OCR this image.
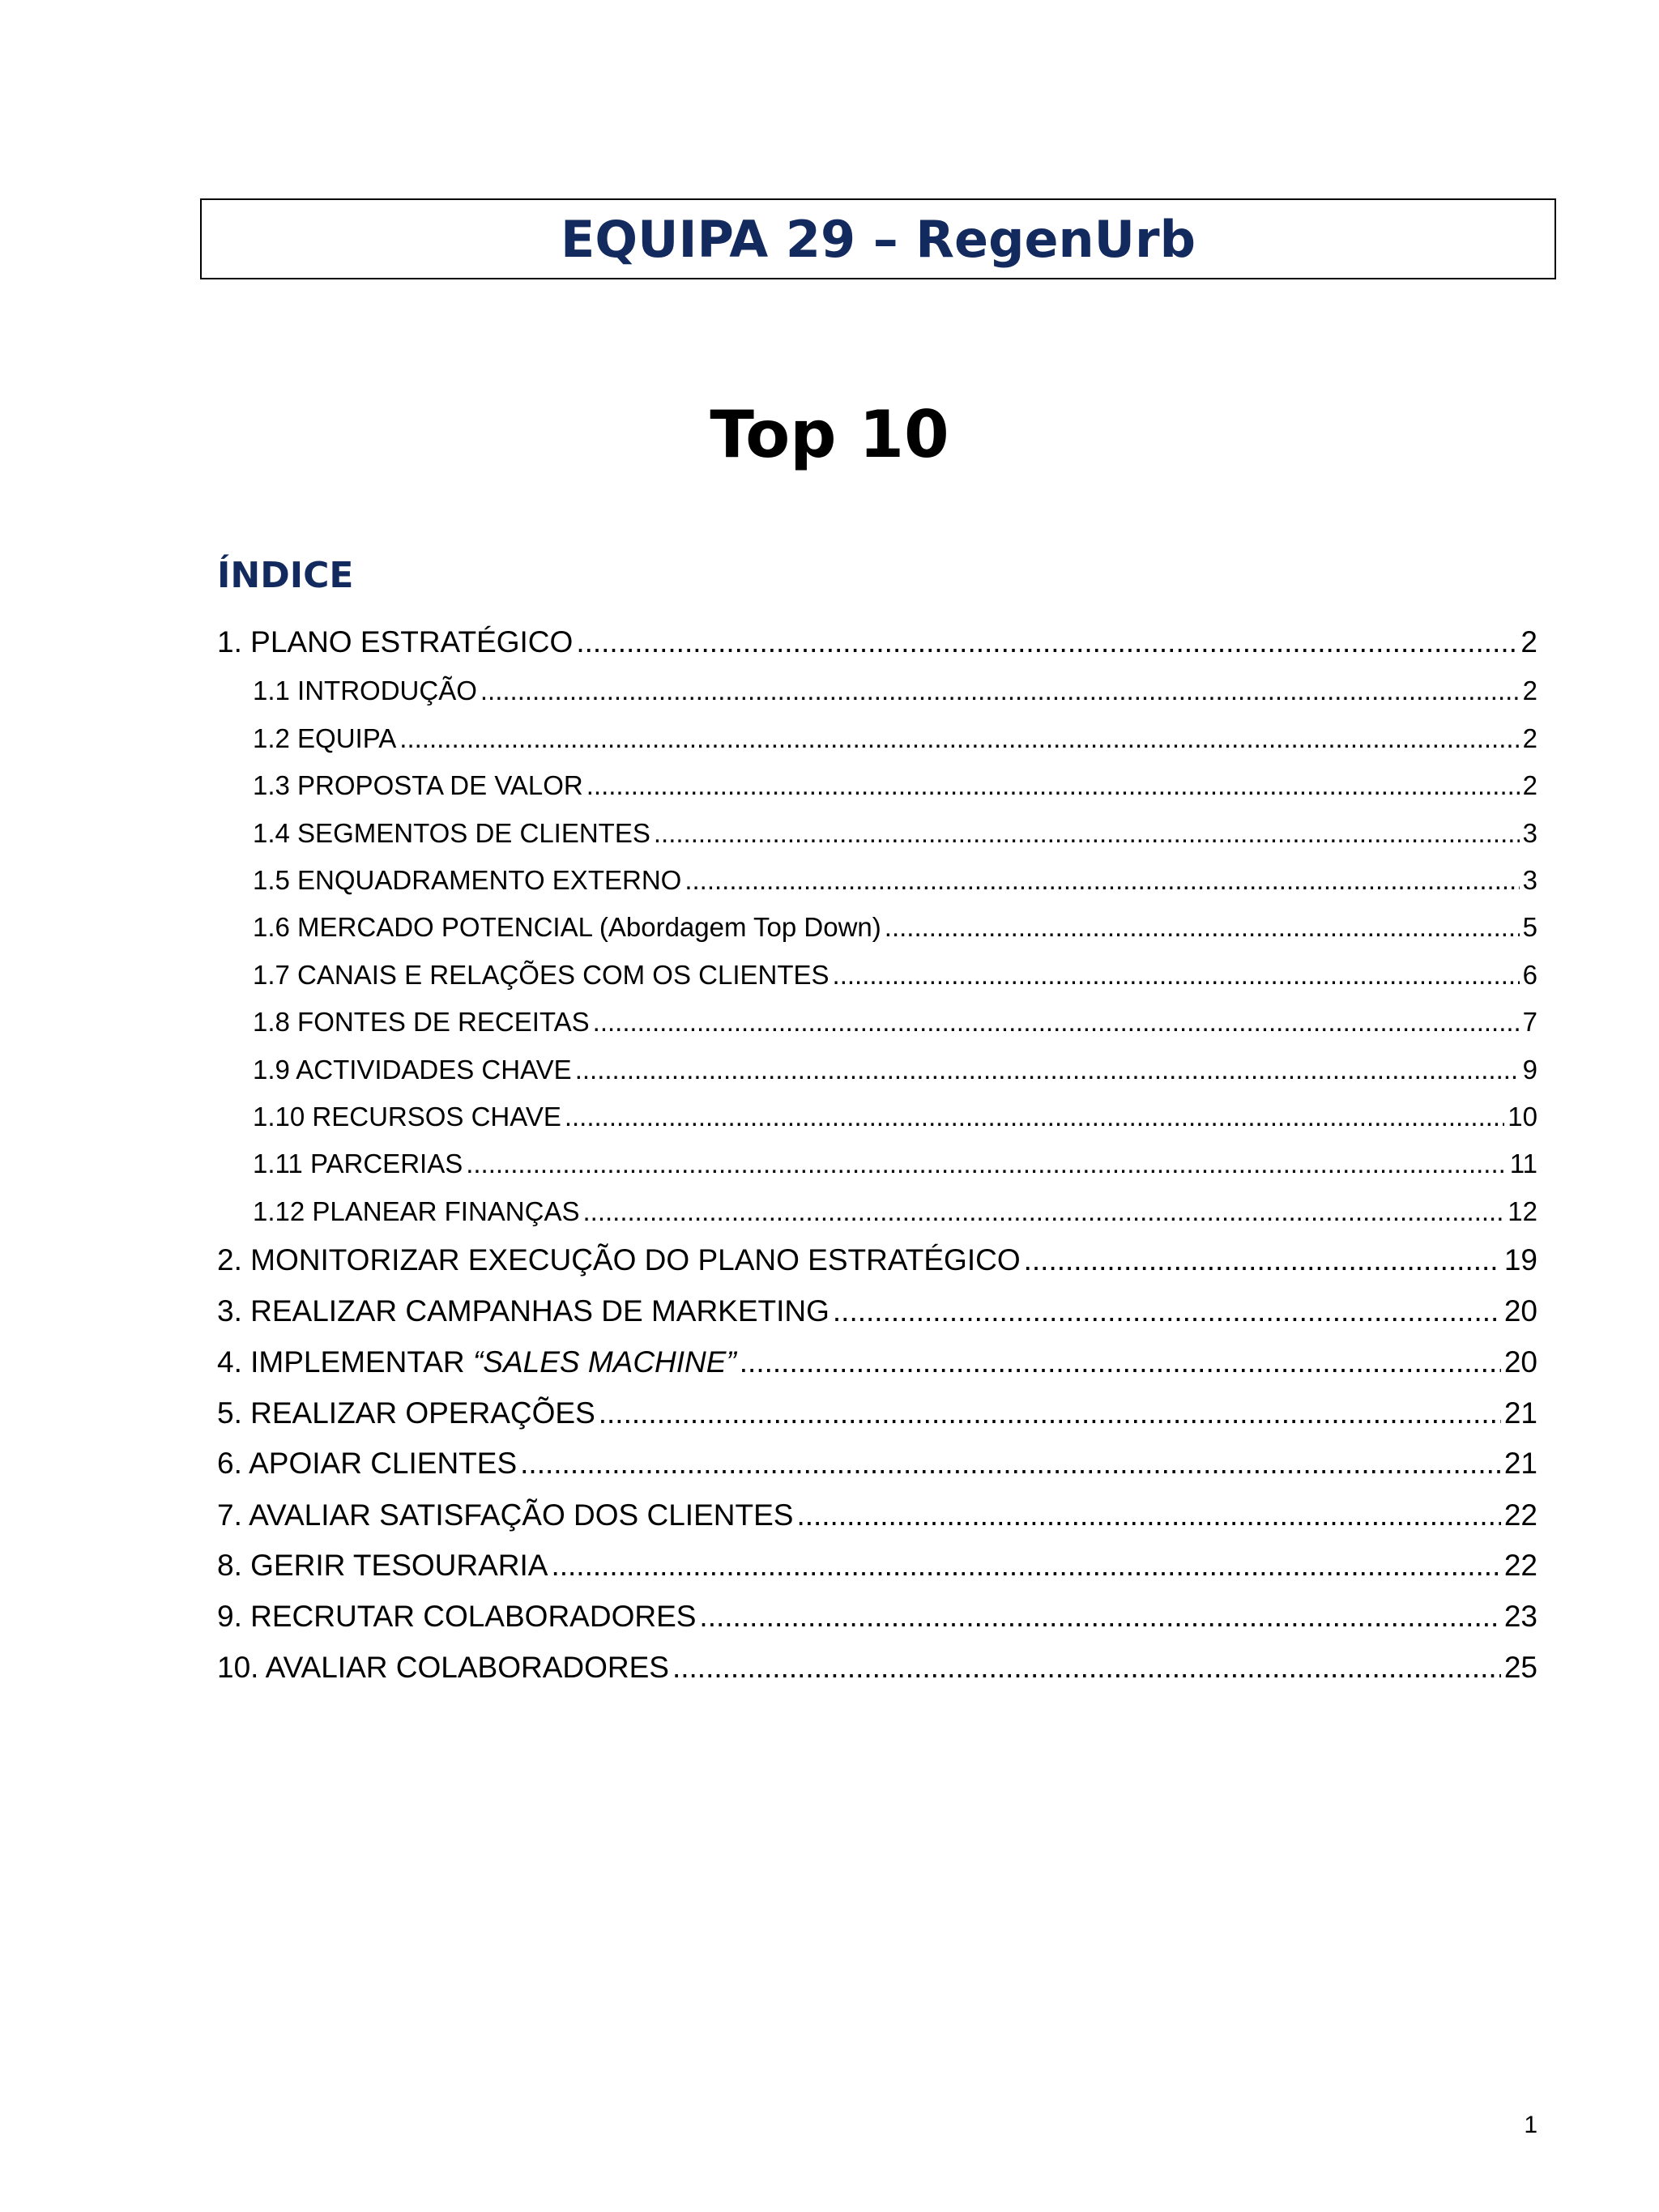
EQUIPA 29 – RegenUrb
Top 10
ÍNDICE
1. PLANO ESTRATÉGICO .....	2
1.1 INTRODUÇÃO .....	2
1.2 EQUIPA .....	2
1.3 PROPOSTA DE VALOR .....	2
1.4 SEGMENTOS DE CLIENTES .....	3
1.5 ENQUADRAMENTO EXTERNO .....	3
1.6 MERCADO POTENCIAL (Abordagem Top Down) .....	5
1.7 CANAIS E RELAÇÕES COM OS CLIENTES .....	6
1.8 FONTES DE RECEITAS .....	7
1.9 ACTIVIDADES CHAVE .....	9
1.10 RECURSOS CHAVE .....	10
1.11 PARCERIAS .....	11
1.12 PLANEAR FINANÇAS .....	12
2. MONITORIZAR EXECUÇÃO DO PLANO ESTRATÉGICO .....	19
3. REALIZAR CAMPANHAS DE MARKETING .....	20
4. IMPLEMENTAR “SALES MACHINE” .....	20
5. REALIZAR OPERAÇÕES .....	21
6. APOIAR CLIENTES .....	21
7. AVALIAR SATISFAÇÃO DOS CLIENTES .....	22
8. GERIR TESOURARIA .....	22
9. RECRUTAR COLABORADORES .....	23
10. AVALIAR COLABORADORES .....	25
1
